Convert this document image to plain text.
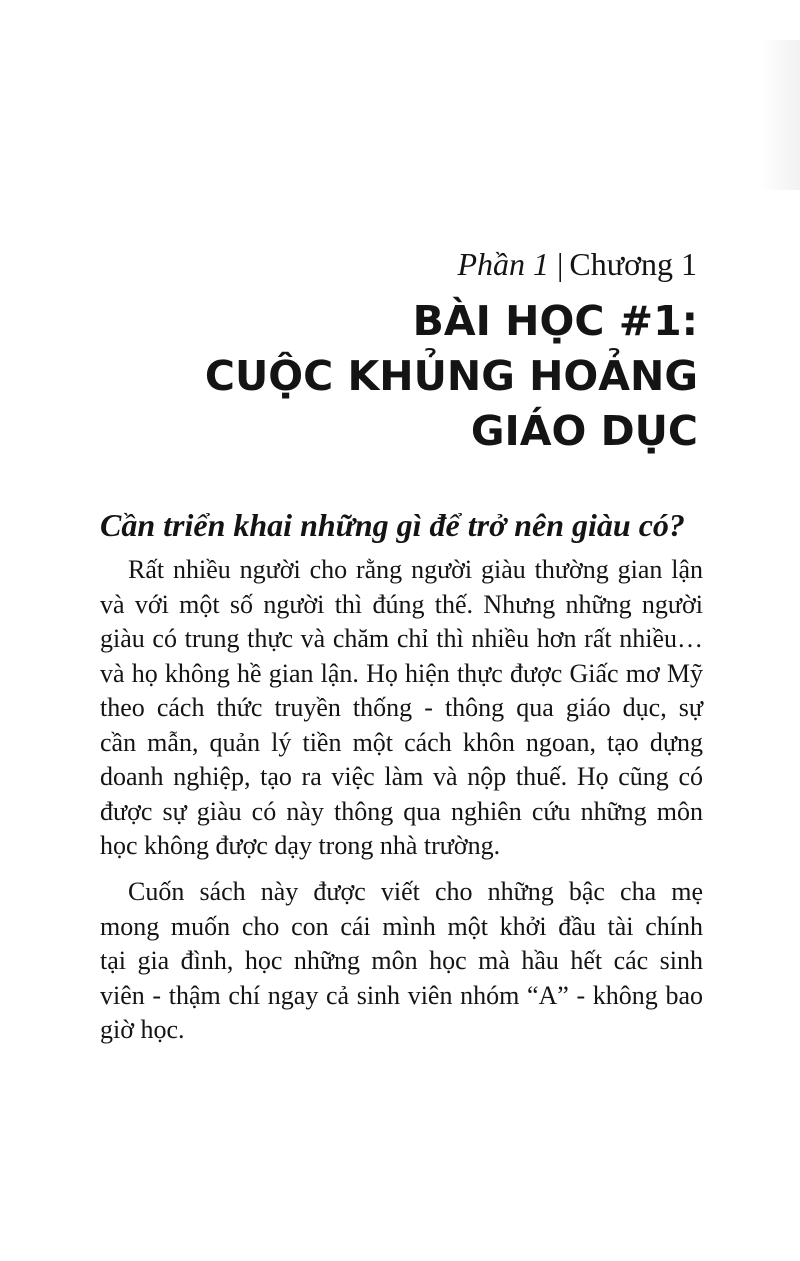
Phần 1 | Chương 1
BÀI HỌC #1:
CUỘC KHỦNG HOẢNG
GIÁO DỤC
Cần triển khai những gì để trở nên giàu có?
Rất nhiều người cho rằng người giàu thường gian lận
và với một số người thì đúng thế. Nhưng những người
giàu có trung thực và chăm chỉ thì nhiều hơn rất nhiều…
và họ không hề gian lận. Họ hiện thực được Giấc mơ Mỹ
theo cách thức truyền thống - thông qua giáo dục, sự
cần mẫn, quản lý tiền một cách khôn ngoan, tạo dựng
doanh nghiệp, tạo ra việc làm và nộp thuế. Họ cũng có
được sự giàu có này thông qua nghiên cứu những môn
học không được dạy trong nhà trường.
Cuốn sách này được viết cho những bậc cha mẹ
mong muốn cho con cái mình một khởi đầu tài chính
tại gia đình, học những môn học mà hầu hết các sinh
viên - thậm chí ngay cả sinh viên nhóm “A” - không bao
giờ học.
